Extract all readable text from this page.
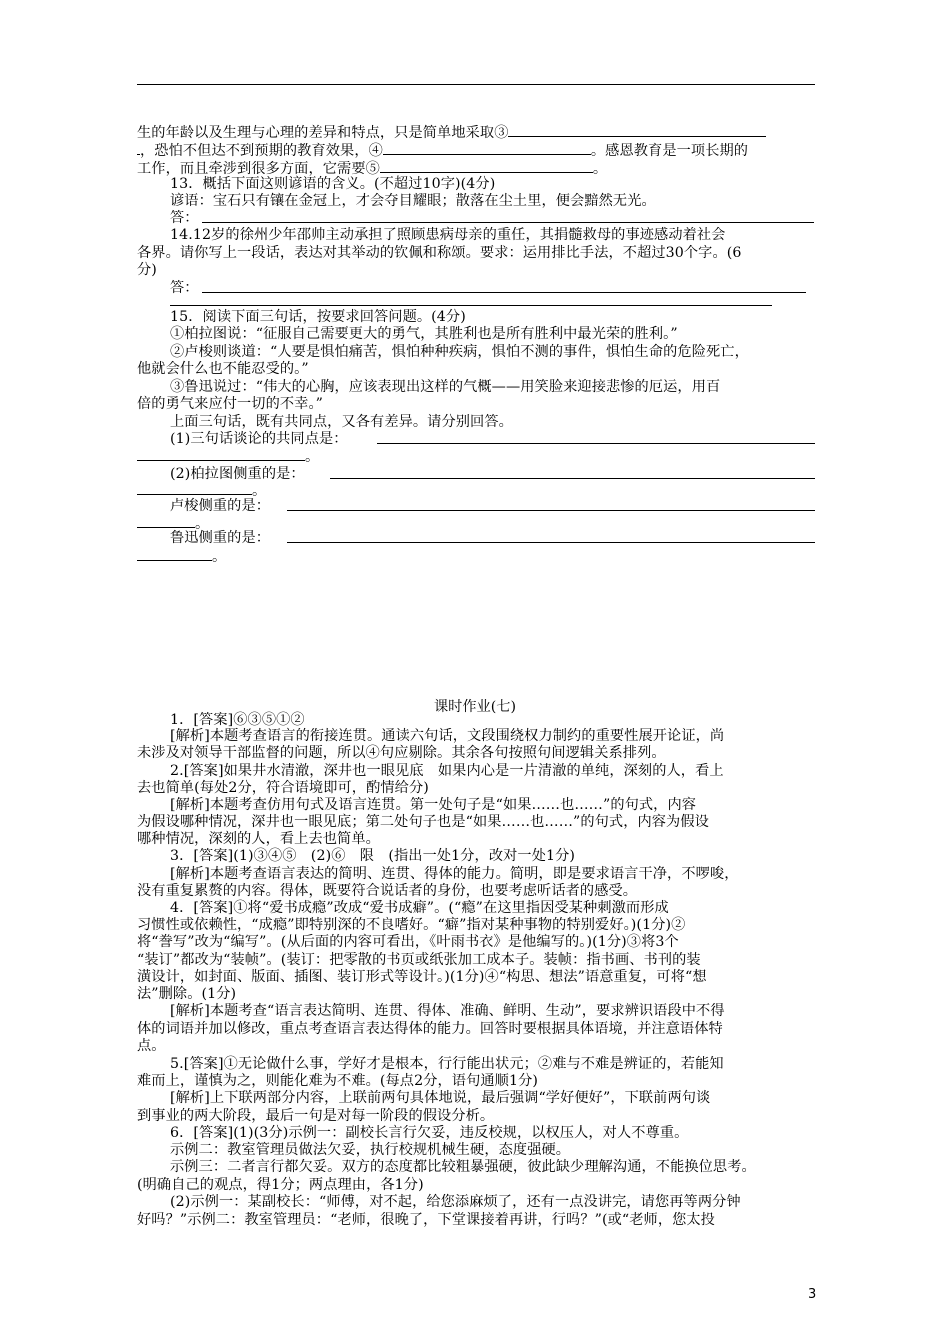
生的年龄以及生理与心理的差异和特点，只是简单地采取③
，恐怕不但达不到预期的教育效果，④	。感恩教育是一项长期的
工作，而且牵涉到很多方面，它需要⑤	。
13．概括下面这则谚语的含义。(不超过10字)(4分)
谚语：宝石只有镶在金冠上，才会夺目耀眼；散落在尘土里，便会黯然无光。
答：
14.12岁的徐州少年邵帅主动承担了照顾患病母亲的重任，其捐髓救母的事迹感动着社会
各界。请你写上一段话，表达对其举动的钦佩和称颂。要求：运用排比手法，不超过30个字。(6
分)
答：
15．阅读下面三句话，按要求回答问题。(4分)
①柏拉图说：“征服自己需要更大的勇气，其胜利也是所有胜利中最光荣的胜利。”
②卢梭则谈道：“人要是惧怕痛苦，惧怕种种疾病，惧怕不测的事件，惧怕生命的危险死亡，
他就会什么也不能忍受的。”
③鲁迅说过：“伟大的心胸，应该表现出这样的气概——用笑脸来迎接悲惨的厄运，用百
倍的勇气来应付一切的不幸。”
上面三句话，既有共同点，又各有差异。请分别回答。
(1)三句话谈论的共同点是：
。
(2)柏拉图侧重的是：
。
卢梭侧重的是：
。
鲁迅侧重的是：
。
课时作业(七)
1．[答案]⑥③⑤①②
[解析]本题考查语言的衔接连贯。通读六句话，文段围绕权力制约的重要性展开论证，尚
未涉及对领导干部监督的问题，所以④句应剔除。其余各句按照句间逻辑关系排列。
2.[答案]如果井水清澈，深井也一眼见底　如果内心是一片清澈的单纯，深刻的人，看上
去也简单(每处2分，符合语境即可，酌情给分)
[解析]本题考查仿用句式及语言连贯。第一处句子是“如果……也……”的句式，内容
为假设哪种情况，深井也一眼见底；第二处句子也是“如果……也……”的句式，内容为假设
哪种情况，深刻的人，看上去也简单。
3．[答案](1)③④⑤　(2)⑥　限　(指出一处1分，改对一处1分)
[解析]本题考查语言表达的简明、连贯、得体的能力。简明，即是要求语言干净，不啰唆，
没有重复累赘的内容。得体，既要符合说话者的身份，也要考虑听话者的感受。
4．[答案]①将“爱书成瘾”改成“爱书成癖”。(“瘾”在这里指因受某种刺激而形成
习惯性或依赖性，“成瘾”即特别深的不良嗜好。“癖”指对某种事物的特别爱好。)(1分)②
将“誊写”改为“编写”。(从后面的内容可看出，《叶雨书衣》是他编写的。)(1分)③将3个
“装订”都改为“装帧”。(装订：把零散的书页或纸张加工成本子。装帧：指书画、书刊的装
潢设计，如封面、版面、插图、装订形式等设计。)(1分)④“构思、想法”语意重复，可将“想
法”删除。(1分)
[解析]本题考查“语言表达简明、连贯、得体、准确、鲜明、生动”，要求辨识语段中不得
体的词语并加以修改，重点考查语言表达得体的能力。回答时要根据具体语境，并注意语体特
点。
5.[答案]①无论做什么事，学好才是根本，行行能出状元；②难与不难是辨证的，若能知
难而上，谨慎为之，则能化难为不难。(每点2分，语句通顺1分)
[解析]上下联两部分内容，上联前两句具体地说，最后强调“学好便好”，下联前两句谈
到事业的两大阶段，最后一句是对每一阶段的假设分析。
6．[答案](1)(3分)示例一：副校长言行欠妥，违反校规，以权压人，对人不尊重。
示例二：教室管理员做法欠妥，执行校规机械生硬，态度强硬。
示例三：二者言行都欠妥。双方的态度都比较粗暴强硬，彼此缺少理解沟通，不能换位思考。
(明确自己的观点，得1分；两点理由，各1分)
(2)示例一：某副校长：“师傅，对不起，给您添麻烦了，还有一点没讲完，请您再等两分钟
好吗？”示例二：教室管理员：“老师，很晚了，下堂课接着再讲，行吗？”(或“老师，您太投
3
